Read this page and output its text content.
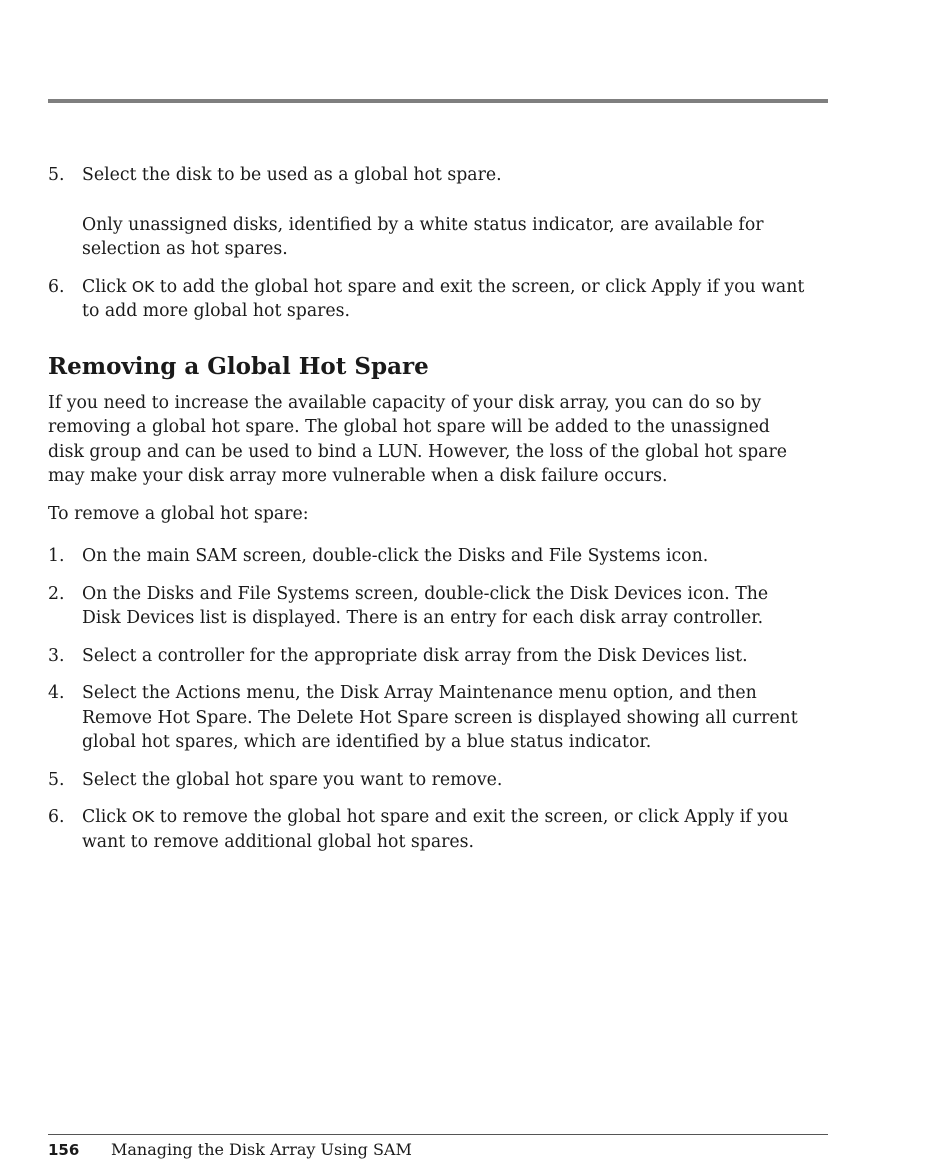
5 .	Select the disk to be used as a global hot spare.

Only unassigned disks, identified by a white status indicator, are available for selection as hot spares.

6 .	Click OK to add the global hot spare and exit the screen, or click Apply if you want to add more global hot spares.
Removing a Global Hot Spare

If you need to increase the available capacity of your disk array, you can do so by removing a global hot spare. The global hot spare will be added to the unassigned disk group and can be used to bind a LUN. However, the loss of the global hot spare may make your disk array more vulnerable when a disk failure occurs.

To remove a global hot spare:

1 .	On the main SAM screen, double-click the Disks and File Systems icon.
2 .	On the Disks and File Systems screen, double-click the Disk Devices icon. The Disk Devices list is displayed. There is an entry for each disk array controller.
3 .	Select a controller for the appropriate disk array from the Disk Devices list.
4 .	Select the Actions menu, the Disk Array Maintenance menu option, and then Remove Hot Spare. The Delete Hot Spare screen is displayed showing all current global hot spares, which are identified by a blue status indicator.
5 .	Select the global hot spare you want to remove.
6 .	Click OK to remove the global hot spare and exit the screen, or click Apply if you want to remove additional global hot spares.
156 Managing the Disk Array Using SAM
